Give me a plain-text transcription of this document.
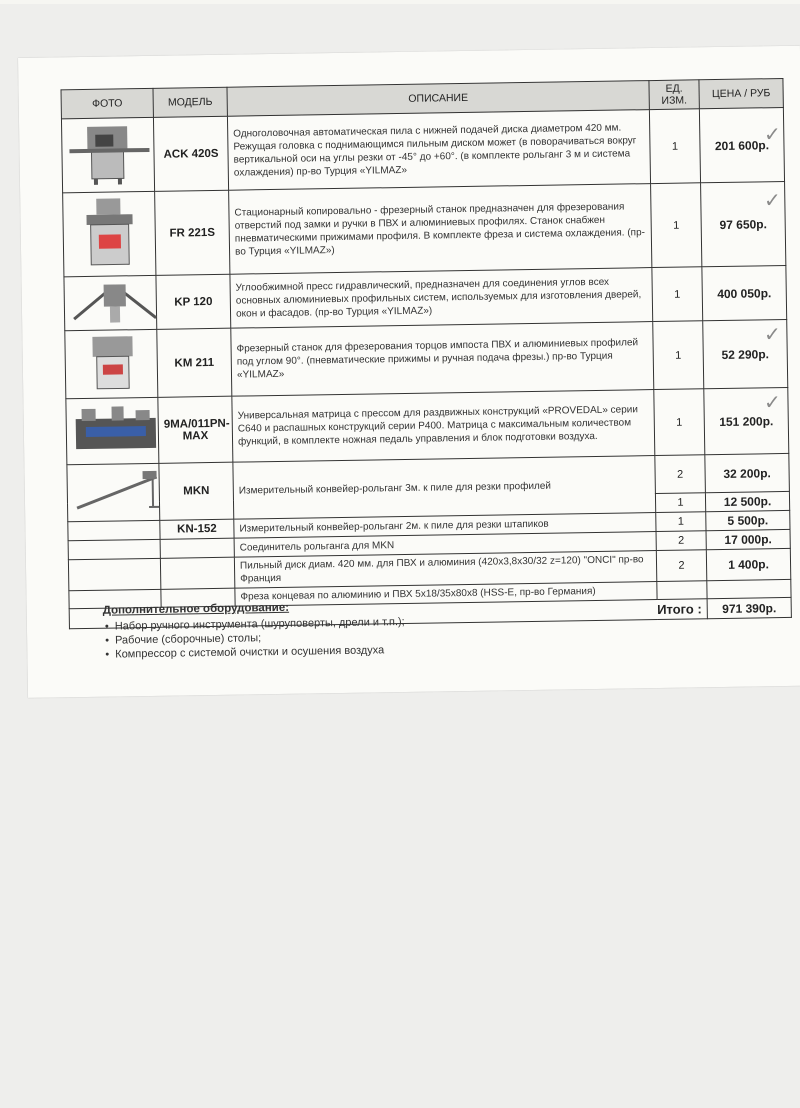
ФОТО	МОДЕЛЬ	ОПИСАНИЕ	ЕД. ИЗМ.	ЦЕНА / РУБ
	ACK 420S	Одноголовочная автоматическая пила с нижней подачей диска диаметром 420 мм. Режущая головка с поднимающимся пильным диском может (в поворачиваться вокруг вертикальной оси на углы резки от -45° до +60°. (в комплекте рольганг 3 м и система охлаждения) пр-во Турция «YILMAZ»	1	201 600р.
	FR 221S	Стационарный копировально - фрезерный станок предназначен для фрезерования отверстий под замки и ручки в ПВХ и алюминиевых профилях. Станок снабжен пневматическими прижимами профиля. В комплекте фреза и система охлаждения. (пр-во Турция «YILMAZ»)	1	97 650р.
	KP 120	Углообжимной пресс гидравлический, предназначен для соединения углов всех основных алюминиевых профильных систем, используемых для изготовления дверей, окон и фасадов. (пр-во Турция «YILMAZ»)	1	400 050р.
	KM 211	Фрезерный станок для фрезерования торцов импоста ПВХ и алюминиевых профилей под углом 90°. (пневматические прижимы и ручная подача фрезы.) пр-во Турция «YILMAZ»	1	52 290р.
	9MA/011PN-MAX	Универсальная матрица с прессом для раздвижных конструкций «PROVEDAL» серии C640 и распашных конструкций серии P400. Матрица с максимальным количеством функций, в комплекте ножная педаль управления и блок подготовки воздуха.	1	151 200р.
	MKN	Измерительный конвейер-рольганг 3м. к пиле для резки профилей	2	32 200р.
			1	12 500р.
	KN-152	Измерительный конвейер-рольганг 2м. к пиле для резки штапиков	1	5 500р.
		Соединитель рольганга для MKN	2	17 000р.
		Пильный диск диам. 420 мм. для ПВХ и алюминия (420x3,8x30/32 z=120) "ONCI" пр-во Франция	2	1 400р.
		Фреза концевая по алюминию и ПВХ 5x18/35x80x8 (HSS-E, пр-во Германия)		
Итого :				971 390р.
Дополнительное оборудование:
• Набор ручного инструмента (шуруповерты, дрели и т.п.);
• Рабочие (сборочные) столы;
• Компрессор с системой очистки и осушения воздуха
✓
✓
✓
✓
